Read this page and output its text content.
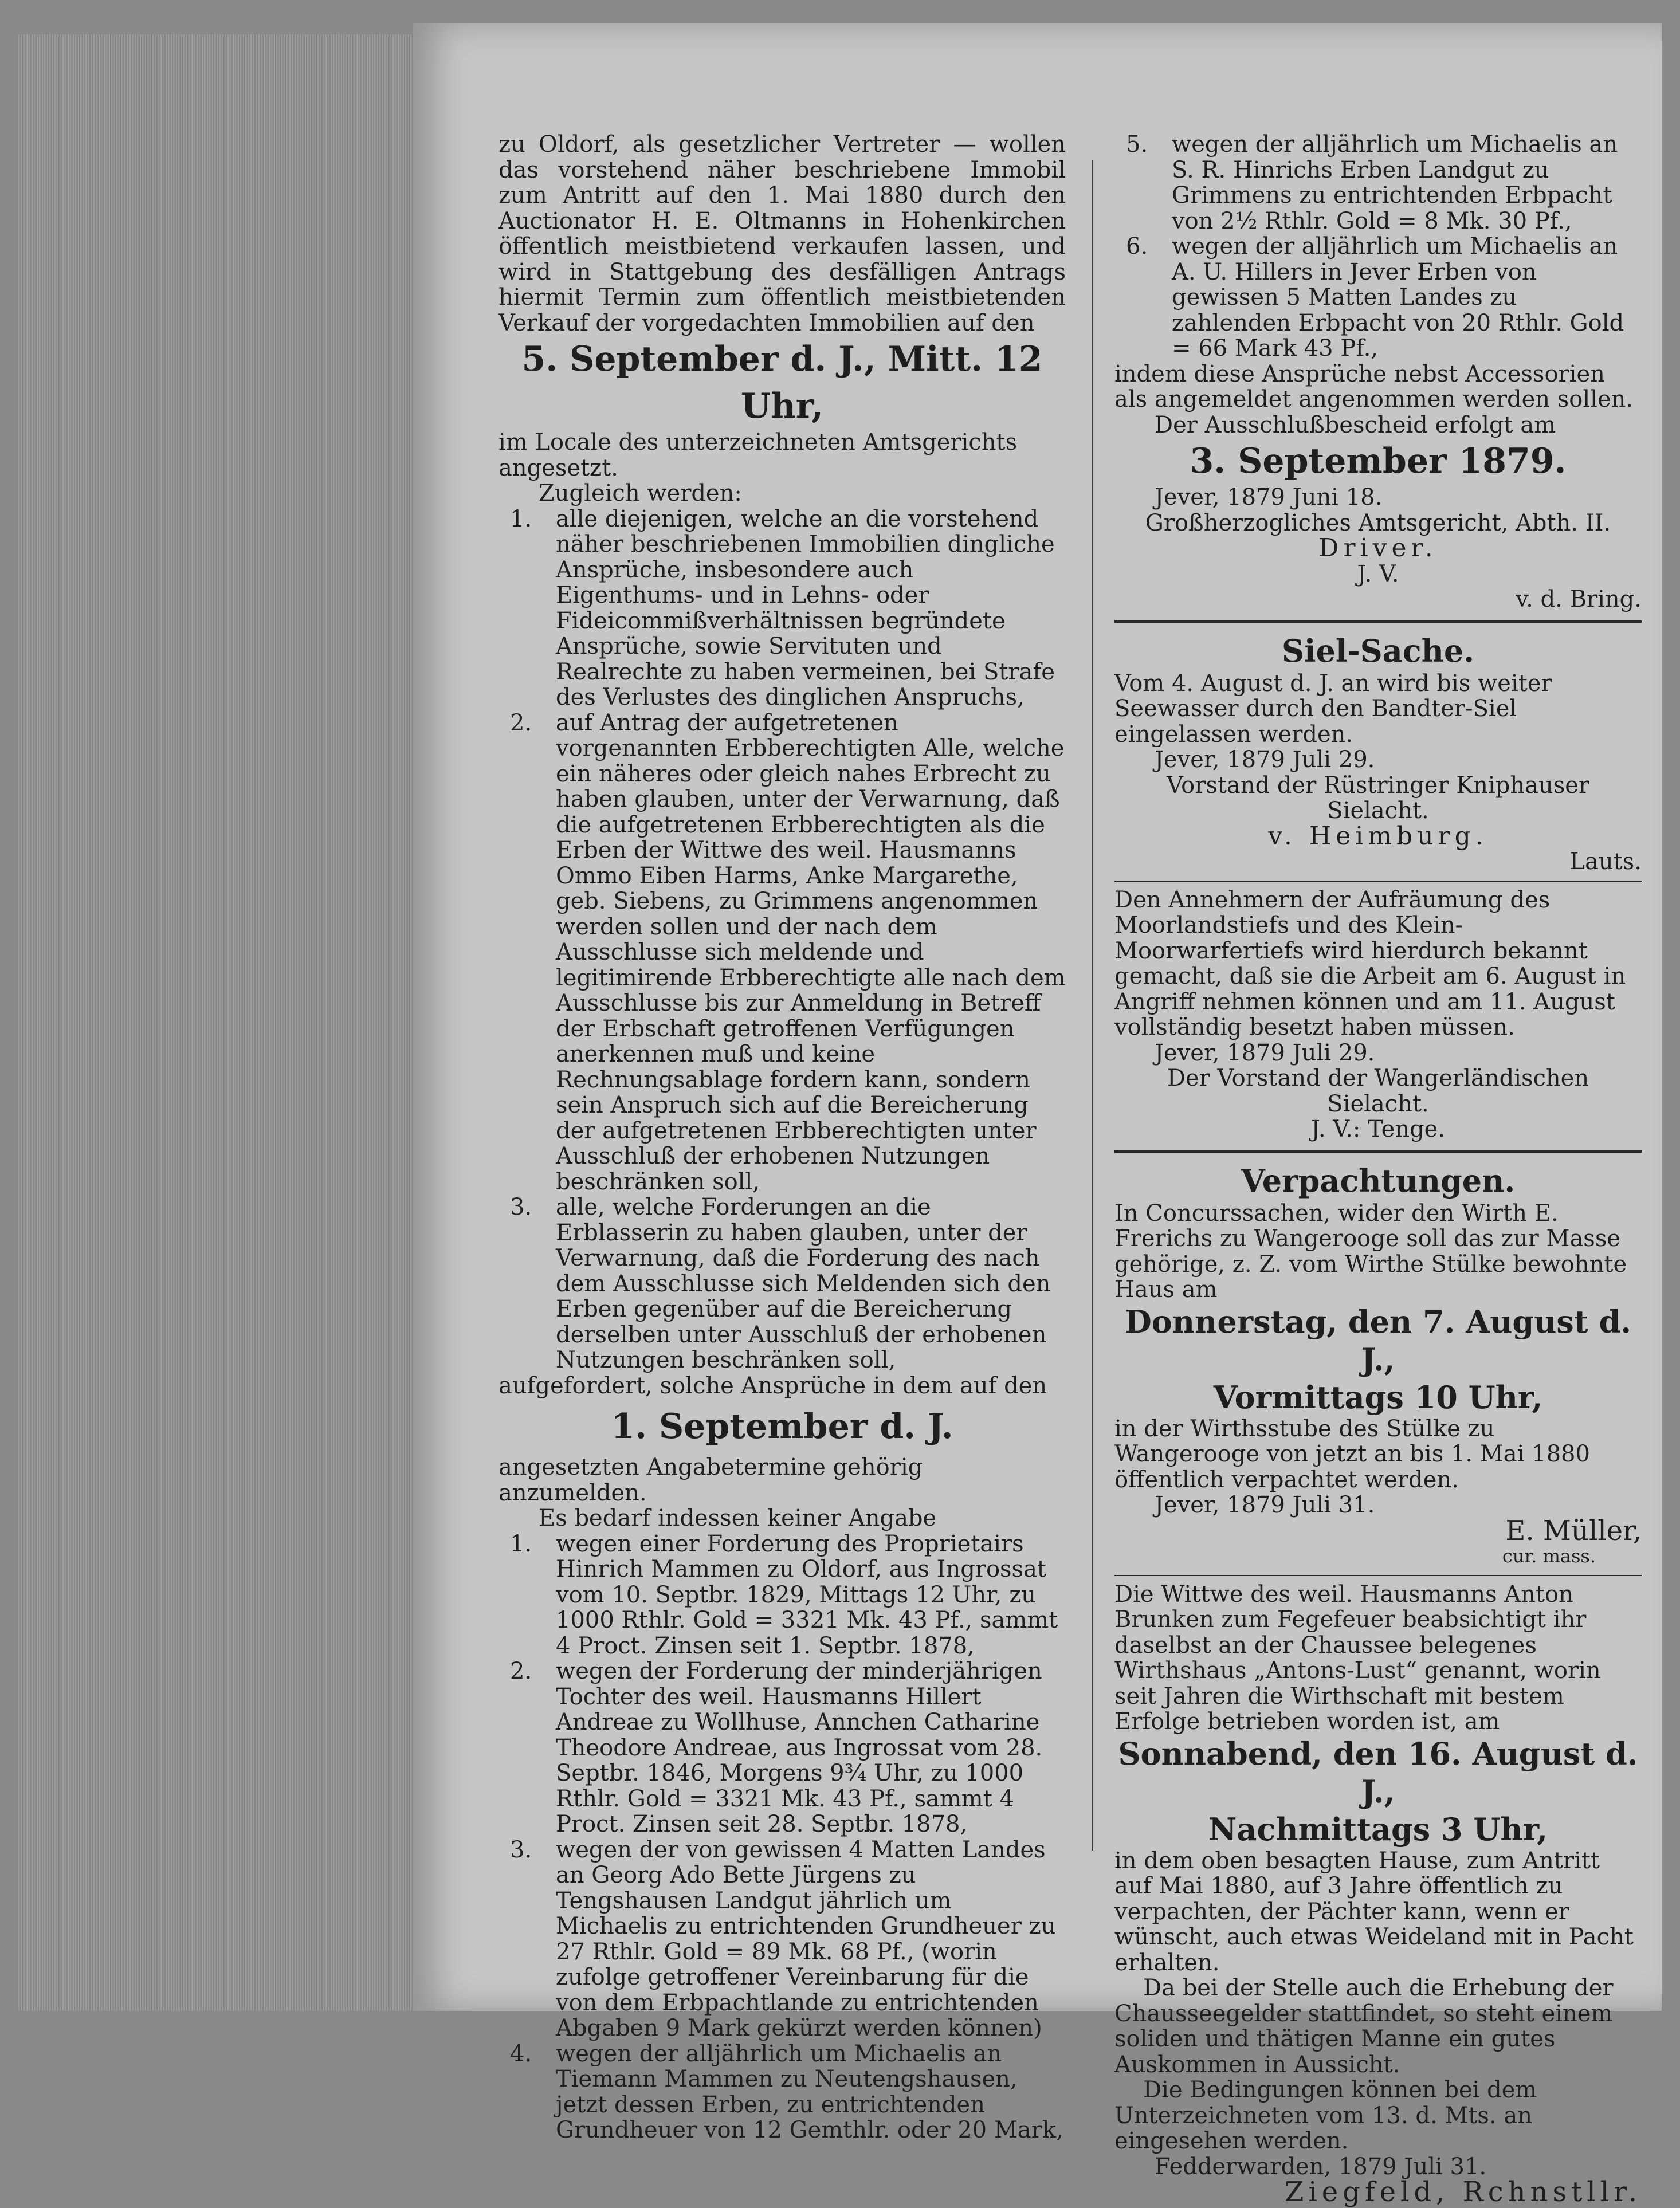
zu Oldorf, als gesetzlicher Vertreter — wollen das vorstehend näher beschriebene Immobil zum Antritt auf den 1. Mai 1880 durch den Auctionator H. E. Oltmanns in Hohenkirchen öffentlich meistbietend verkaufen lassen, und wird in Stattgebung des desfälligen Antrags hiermit Termin zum öffentlich meistbietenden Verkauf der vorgedachten Immobilien auf den

5. September d. J., Mitt. 12 Uhr,

im Locale des unterzeichneten Amtsgerichts angesetzt.

Zugleich werden:

1. alle diejenigen, welche an die vorstehend näher beschriebenen Immobilien dingliche Ansprüche, insbesondere auch Eigenthums- und in Lehns- oder Fideicommißverhältnissen begründete Ansprüche, sowie Servituten und Realrechte zu haben vermeinen, bei Strafe des Verlustes des dinglichen Anspruchs,
2. auf Antrag der aufgetretenen vorgenannten Erbberechtigten Alle, welche ein näheres oder gleich nahes Erbrecht zu haben glauben, unter der Verwarnung, daß die aufgetretenen Erbberechtigten als die Erben der Wittwe des weil. Hausmanns Ommo Eiben Harms, Anke Margarethe, geb. Siebens, zu Grimmens angenommen werden sollen und der nach dem Ausschlusse sich meldende und legitimirende Erbberechtigte alle nach dem Ausschlusse bis zur Anmeldung in Betreff der Erbschaft getroffenen Verfügungen anerkennen muß und keine Rechnungsablage fordern kann, sondern sein Anspruch sich auf die Bereicherung der aufgetretenen Erbberechtigten unter Ausschluß der erhobenen Nutzungen beschränken soll,
3. alle, welche Forderungen an die Erblasserin zu haben glauben, unter der Verwarnung, daß die Forderung des nach dem Ausschlusse sich Meldenden sich den Erben gegenüber auf die Bereicherung derselben unter Ausschluß der erhobenen Nutzungen beschränken soll,

aufgefordert, solche Ansprüche in dem auf den

1. September d. J.

angesetzten Angabetermine gehörig anzumelden.

Es bedarf indessen keiner Angabe

1. wegen einer Forderung des Proprietairs Hinrich Mammen zu Oldorf, aus Ingrossat vom 10. Septbr. 1829, Mittags 12 Uhr, zu 1000 Rthlr. Gold = 3321 Mk. 43 Pf., sammt 4 Proct. Zinsen seit 1. Septbr. 1878,
2. wegen der Forderung der minderjährigen Tochter des weil. Hausmanns Hillert Andreae zu Wollhuse, Annchen Catharine Theodore Andreae, aus Ingrossat vom 28. Septbr. 1846, Morgens 9¾ Uhr, zu 1000 Rthlr. Gold = 3321 Mk. 43 Pf., sammt 4 Proct. Zinsen seit 28. Septbr. 1878,
3. wegen der von gewissen 4 Matten Landes an Georg Ado Bette Jürgens zu Tengshausen Landgut jährlich um Michaelis zu entrichtenden Grundheuer zu 27 Rthlr. Gold = 89 Mk. 68 Pf., (worin zufolge getroffener Vereinbarung für die von dem Erbpachtlande zu entrichtenden Abgaben 9 Mark gekürzt werden können)
4. wegen der alljährlich um Michaelis an Tiemann Mammen zu Neutengshausen, jetzt dessen Erben, zu entrichtenden Grundheuer von 12 Gemthlr. oder 20 Mark,
5. wegen der alljährlich um Michaelis an S. R. Hinrichs Erben Landgut zu Grimmens zu entrichtenden Erbpacht von 2½ Rthlr. Gold = 8 Mk. 30 Pf.,
6. wegen der alljährlich um Michaelis an A. U. Hillers in Jever Erben von gewissen 5 Matten Landes zu zahlenden Erbpacht von 20 Rthlr. Gold = 66 Mark 43 Pf.,

indem diese Ansprüche nebst Accessorien als angemeldet angenommen werden sollen.

Der Ausschlußbescheid erfolgt am

3. September 1879.

Jever, 1879 Juni 18.

Großherzogliches Amtsgericht, Abth. II.

Driver.

J. V.

v. d. Bring.

Siel-Sache.

Vom 4. August d. J. an wird bis weiter Seewasser durch den Bandter-Siel eingelassen werden.

Jever, 1879 Juli 29.

Vorstand der Rüstringer Kniphauser Sielacht.

v. Heimburg.

Lauts.

Den Annehmern der Aufräumung des Moorlandstiefs und des Klein-Moorwarfertiefs wird hierdurch bekannt gemacht, daß sie die Arbeit am 6. August in Angriff nehmen können und am 11. August vollständig besetzt haben müssen.

Jever, 1879 Juli 29.

Der Vorstand der Wangerländischen Sielacht.

J. V.: Tenge.

Verpachtungen.

In Concurssachen, wider den Wirth E. Frerichs zu Wangerooge soll das zur Masse gehörige, z. Z. vom Wirthe Stülke bewohnte Haus am

Donnerstag, den 7. August d. J.,

Vormittags 10 Uhr,

in der Wirthsstube des Stülke zu Wangerooge von jetzt an bis 1. Mai 1880 öffentlich verpachtet werden.

Jever, 1879 Juli 31.

E. Müller,

cur. mass.

Die Wittwe des weil. Hausmanns Anton Brunken zum Fegefeuer beabsichtigt ihr daselbst an der Chaussee belegenes Wirthshaus „Antons-Lust“ genannt, worin seit Jahren die Wirthschaft mit bestem Erfolge betrieben worden ist, am

Sonnabend, den 16. August d. J.,

Nachmittags 3 Uhr,

in dem oben besagten Hause, zum Antritt auf Mai 1880, auf 3 Jahre öffentlich zu verpachten, der Pächter kann, wenn er wünscht, auch etwas Weideland mit in Pacht erhalten.

Da bei der Stelle auch die Erhebung der Chausseegelder stattfindet, so steht einem soliden und thätigen Manne ein gutes Auskommen in Aussicht.

Die Bedingungen können bei dem Unterzeichneten vom 13. d. Mts. an eingesehen werden.

Fedderwarden, 1879 Juli 31.

Ziegfeld, Rchnstllr.
